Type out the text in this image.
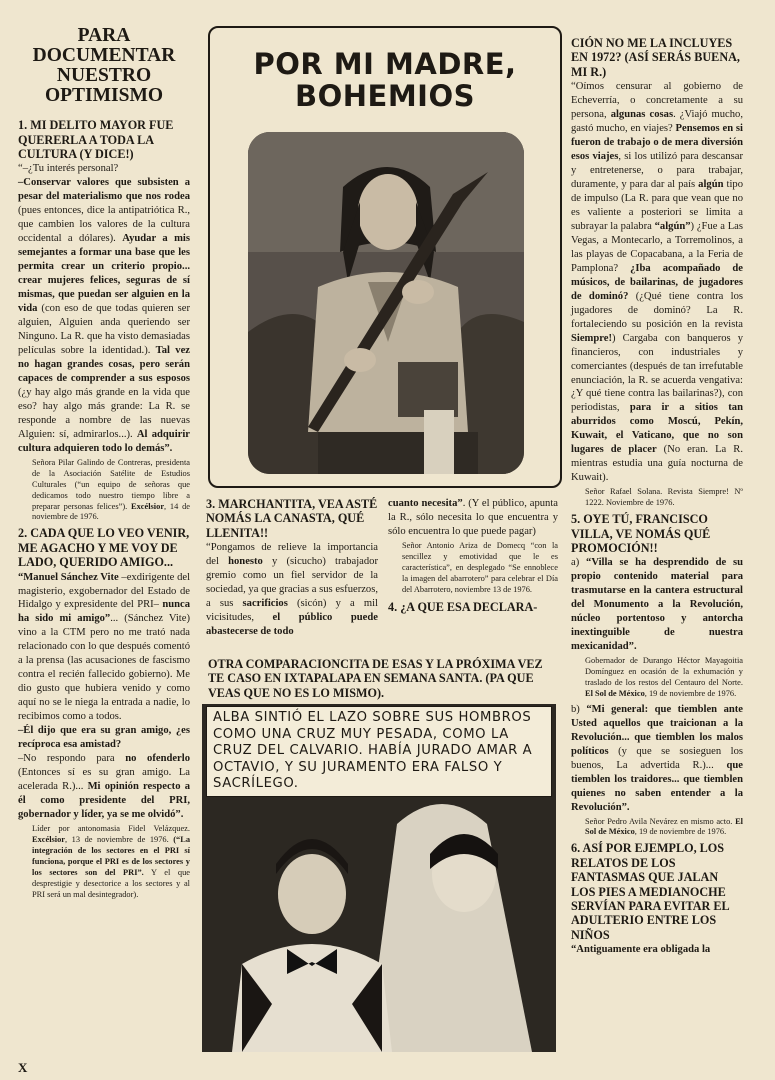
PARA DOCUMENTAR NUESTRO OPTIMISMO
1. MI DELITO MAYOR FUE QUERERLA A TODA LA CULTURA (Y DICE!)

“–¿Tu interés personal?

–Conservar valores que subsisten a pesar del materialismo que nos rodea (pues entonces, dice la antipatriótica R., que cambien los valores de la cultura occidental a dólares). Ayudar a mis semejantes a formar una base que les permita crear un criterio propio... crear mujeres felices, seguras de sí mismas, que puedan ser alguien en la vida (con eso de que todas quieren ser alguien, Alguien anda queriendo ser Ninguno. La R. que ha visto demasiadas películas sobre la identidad.). Tal vez no hagan grandes cosas, pero serán capaces de comprender a sus esposos (¿y hay algo más grande en la vida que eso? hay algo más grande: La R. se responde a nombre de las nuevas Alguien: sí, admirarlos...). Al adquirir cultura adquieren todo lo demás”.

Señora Pilar Galindo de Contreras, presidenta de la Asociación Satélite de Estudios Culturales (“un equipo de señoras que dedicamos todo nuestro tiempo libre a preparar personas felices”). Excélsior, 14 de noviembre de 1976.
2. CADA QUE LO VEO VENIR, ME AGACHO Y ME VOY DE LADO, QUERIDO AMIGO...

“Manuel Sánchez Vite –exdirigente del magisterio, exgobernador del Estado de Hidalgo y expresidente del PRI– nunca ha sido mi amigo”... (Sánchez Vite) vino a la CTM pero no me trató nada relacionado con lo que después comentó a la prensa (las acusaciones de fascismo contra el recién fallecido gobierno). Me dio gusto que hubiera venido y como aquí no se le niega la entrada a nadie, lo recibimos como a todos.

–Él dijo que era su gran amigo, ¿es recíproca esa amistad?

–No respondo para no ofenderlo (Entonces sí es su gran amigo. La acelerada R.)... Mi opinión respecto a él como presidente del PRI, gobernador y líder, ya se me olvidó”.

Líder por antonomasia Fidel Velázquez. Excélsior, 13 de noviembre de 1976. (“La integración de los sectores en el PRI sí funciona, porque el PRI es de los sectores y los sectores son del PRI”. Y el que desprestigie y desectorice a los sectores y al PRI será un mal desintegrador).
POR MI MADRE, BOHEMIOS
3. MARCHANTITA, VEA ASTÉ NOMÁS LA CANASTA, QUÉ LLENITA!!

“Pongamos de relieve la importancia del honesto y (sicucho) trabajador gremio como un fiel servidor de la sociedad, ya que gracias a sus esfuerzos, a sus sacrificios (sicón) y a mil vicisitudes, el público puede abastecerse de todo

cuanto necesita”. (Y el público, apunta la R., sólo necesita lo que encuentra y sólo encuentra lo que puede pagar)

Señor Antonio Ariza de Domecq “con la sencillez y emotividad que le es característica”, en desplegado “Se ennoblece la imagen del abarrotero” para celebrar el Día del Abarrotero, noviembre 13 de 1976.
4. ¿A QUE ESA DECLARA-
OTRA COMPARACIONCITA DE ESAS Y LA PRÓXIMA VEZ TE CASO EN IXTAPALAPA EN SEMANA SANTA. (PA QUE VEAS QUE NO ES LO MISMO).
ALBA SINTIÓ EL LAZO SOBRE SUS HOMBROS COMO UNA CRUZ MUY PESADA, COMO LA CRUZ DEL CALVARIO. HABÍA JURADO AMAR A OCTAVIO, Y SU JURAMENTO ERA FALSO Y SACRÍLEGO.
CIÓN NO ME LA INCLUYES EN 1972? (ASÍ SERÁS BUENA, MI R.)

“Oímos censurar al gobierno de Echeverría, o concretamente a su persona, algunas cosas. ¿Viajó mucho, gastó mucho, en viajes? Pensemos en si fueron de trabajo o de mera diversión esos viajes, si los utilizó para descansar y entretenerse, o para trabajar, duramente, y para dar al país algún tipo de impulso (La R. para que vean que no es valiente a posteriori se limita a subrayar la palabra “algún”) ¿Fue a Las Vegas, a Montecarlo, a Torremolinos, a las playas de Copacabana, a la Feria de Pamplona? ¿Iba acompañado de músicos, de bailarinas, de jugadores de dominó? (¿Qué tiene contra los jugadores de dominó? La R. fortaleciendo su posición en la revista Siempre!) Cargaba con banqueros y financieros, con industriales y comerciantes (después de tan irrefutable enunciación, la R. se acuerda vengativa: ¿Y qué tiene contra las bailarinas?), con periodistas, para ir a sitios tan aburridos como Moscú, Pekín, Kuwait, el Vaticano, que no son lugares de placer (No eran. La R. mientras estudia una guía nocturna de Kuwait).

Señor Rafael Solana. Revista Siempre! Nº 1222. Noviembre de 1976.
5. OYE TÚ, FRANCISCO VILLA, VE NOMÁS QUÉ PROMOCIÓN!!

a) “Villa se ha desprendido de su propio contenido material para trasmutarse en la cantera estructural del Monumento a la Revolución, núcleo portentoso y antorcha inextinguible de nuestra mexicanidad”.

Gobernador de Durango Héctor Mayagoitia Domínguez en ocasión de la exhumación y traslado de los restos del Centauro del Norte. El Sol de México, 19 de noviembre de 1976.

b) “Mi general: que tiemblen ante Usted aquellos que traicionan a la Revolución... que tiemblen los malos políticos (y que se sosieguen los buenos, La advertida R.)... que tiemblen los traidores... que tiemblen quienes no saben entender a la Revolución”.

Señor Pedro Avila Nevárez en mismo acto. El Sol de México, 19 de noviembre de 1976.
6. ASÍ POR EJEMPLO, LOS RELATOS DE LOS FANTASMAS QUE JALAN LOS PIES A MEDIANOCHE SERVÍAN PARA EVITAR EL ADULTERIO ENTRE LOS NIÑOS

“Antiguamente era obligada la

X
